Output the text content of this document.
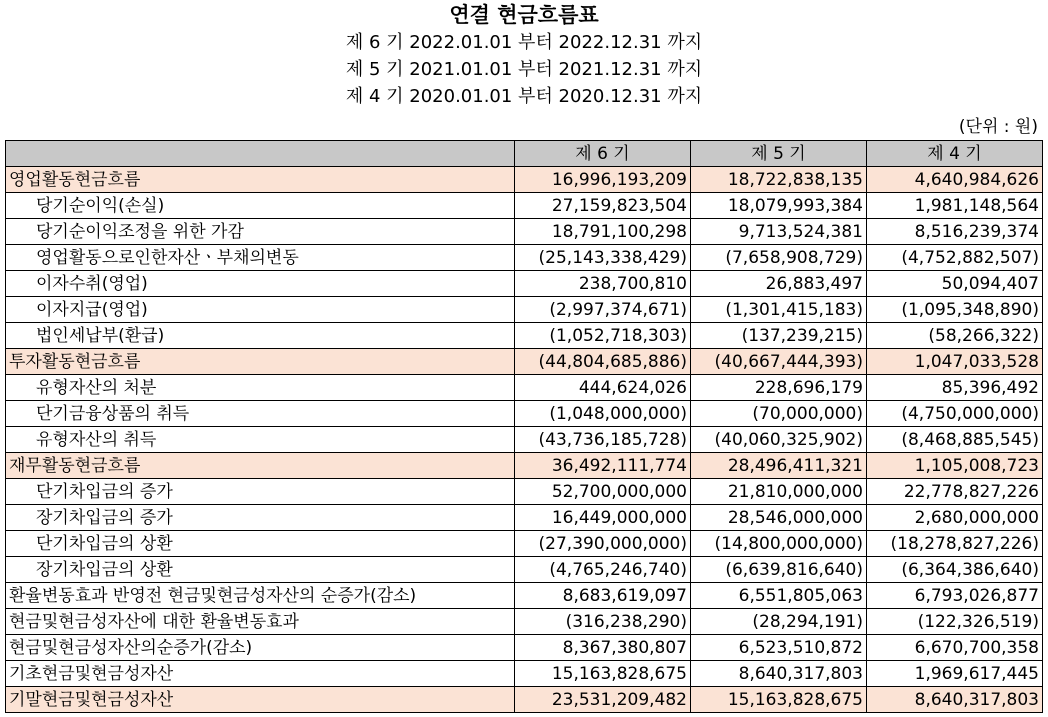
연결 현금흐름표
제 6 기 2022.01.01 부터 2022.12.31 까지
제 5 기 2021.01.01 부터 2021.12.31 까지
제 4 기 2020.01.01 부터 2020.12.31 까지
(단위 : 원)
	제 6 기	제 5 기	제 4 기
영업활동현금흐름	16,996,193,209	18,722,838,135	4,640,984,626
당기순이익(손실)	27,159,823,504	18,079,993,384	1,981,148,564
당기순이익조정을 위한 가감	18,791,100,298	9,713,524,381	8,516,239,374
영업활동으로인한자산ㆍ부채의변동	(25,143,338,429)	(7,658,908,729)	(4,752,882,507)
이자수취(영업)	238,700,810	26,883,497	50,094,407
이자지급(영업)	(2,997,374,671)	(1,301,415,183)	(1,095,348,890)
법인세납부(환급)	(1,052,718,303)	(137,239,215)	(58,266,322)
투자활동현금흐름	(44,804,685,886)	(40,667,444,393)	1,047,033,528
유형자산의 처분	444,624,026	228,696,179	85,396,492
단기금융상품의 취득	(1,048,000,000)	(70,000,000)	(4,750,000,000)
유형자산의 취득	(43,736,185,728)	(40,060,325,902)	(8,468,885,545)
재무활동현금흐름	36,492,111,774	28,496,411,321	1,105,008,723
단기차입금의 증가	52,700,000,000	21,810,000,000	22,778,827,226
장기차입금의 증가	16,449,000,000	28,546,000,000	2,680,000,000
단기차입금의 상환	(27,390,000,000)	(14,800,000,000)	(18,278,827,226)
장기차입금의 상환	(4,765,246,740)	(6,639,816,640)	(6,364,386,640)
환율변동효과 반영전 현금및현금성자산의 순증가(감소)	8,683,619,097	6,551,805,063	6,793,026,877
현금및현금성자산에 대한 환율변동효과	(316,238,290)	(28,294,191)	(122,326,519)
현금및현금성자산의순증가(감소)	8,367,380,807	6,523,510,872	6,670,700,358
기초현금및현금성자산	15,163,828,675	8,640,317,803	1,969,617,445
기말현금및현금성자산	23,531,209,482	15,163,828,675	8,640,317,803
